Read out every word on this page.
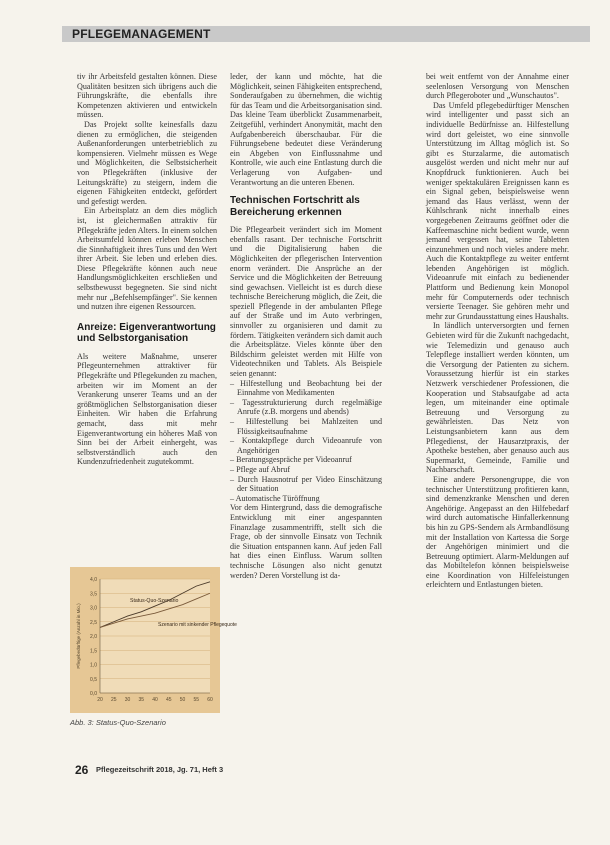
PFLEGEMANAGEMENT

tiv ihr Arbeitsfeld gestalten können. Diese Qualitäten besitzen sich übrigens auch die Führungskräfte, die ebenfalls ihre Kompetenzen aktivieren und entwickeln müssen.

Das Projekt sollte keinesfalls dazu dienen zu ermöglichen, die steigenden Außenanforderungen unterbetrieblich zu kompensieren. Vielmehr müssen es Wege und Möglichkeiten, die Selbstsicherheit von Pflegekräften (inklusive der Leitungskräfte) zu steigern, indem die eigenen Fähigkeiten entdeckt, gefördert und gefestigt werden.

Ein Arbeitsplatz an dem dies möglich ist, ist gleichermaßen attraktiv für Pflegekräfte jeden Alters. In einem solchen Arbeitsumfeld können erleben Menschen die Sinnhaftigkeit ihres Tuns und den Wert ihrer Arbeit. Sie leben und erleben dies. Diese Pflegekräfte können auch neue Handlungsmöglichkeiten erschließen und selbstbewusst begegneten. Sie sind nicht mehr nur „Befehlsempfänger". Sie kennen und nutzen ihre eigenen Ressourcen.

Anreize: Eigenverantwortung und Selbstorganisation

Als weitere Maßnahme, unserer Pflegeunternehmen attraktiver für Pflegekräfte und Pflegekunden zu machen, arbeiten wir im Moment an der Verankerung unserer Teams und an der größtmöglichen Selbstorganisation dieser Einheiten. Wir haben die Erfahrung gemacht, dass mit mehr Eigenverantwortung ein höheres Maß von Sinn bei der Arbeit einhergeht, was selbstverständlich auch den Kundenzufriedenheit zugutekommt.

leder, der kann und möchte, hat die Möglichkeit, seinen Fähigkeiten entsprechend, Sonderaufgaben zu übernehmen, die wichtig für das Team und die Arbeitsorganisation sind. Das kleine Team überblickt Zusammenarbeit, Zeitgefühl, verhindert Anonymität, macht den Aufgabenbereich überschaubar. Für die Führungsebene bedeutet diese Veränderung ein Abgeben von Einflussnahme und Kontrolle, wie auch eine Entlastung durch die Verlagerung von Aufgaben- und Verantwortung an die unteren Ebenen.

Technischen Fortschritt als Bereicherung erkennen

Die Pflegearbeit verändert sich im Moment ebenfalls rasant. Der technische Fortschritt und die Digitalisierung haben die Möglichkeiten der pflegerischen Intervention enorm verändert. Die Ansprüche an der Service und die Möglichkeiten der Betreuung sind gewachsen. Vielleicht ist es durch diese technische Bereicherung möglich, die Zeit, die speziell Pflegende in der ambulanten Pflege auf der Straße und im Auto verbringen, sinnvoller zu organisieren und damit zu fördern. Tätigkeiten verändern sich damit auch die Arbeitsplätze. Vieles könnte über den Bildschirm geleistet werden mit Hilfe von Videotechniken und Tablets. Als Beispiele seien genannt:

– Hilfestellung und Beobachtung bei der Einnahme von Medikamenten
– Tagesstrukturierung durch regelmäßige Anrufe (z.B. morgens und abends)
– Hilfestellung bei Mahlzeiten und Flüssigkeitsaufnahme
– Kontaktpflege durch Videoanrufe von Angehörigen
– Beratungsgespräche per Videoanruf
– Pflege auf Abruf
– Durch Hausnotruf per Video Einschätzung der Situation
– Automatische Türöffnung

Vor dem Hintergrund, dass die demografische Entwicklung mit einer angespannten Finanzlage zusammentrifft, stellt sich die Frage, ob der sinnvolle Einsatz von Technik die Situation entspannen kann. Auf jeden Fall hat dies einen Einfluss. Warum sollten technische Lösungen also nicht genutzt werden? Deren Vorstellung ist da-

bei weit entfernt von der Annahme einer seelenlosen Versorgung von Menschen durch Pflegeroboter und „Wunschautos".

Das Umfeld pflegebedürftiger Menschen wird intelligenter und passt sich an individuelle Bedürfnisse an. Hilfestellung wird dort geleistet, wo eine sinnvolle Unterstützung im Alltag möglich ist. So gibt es Sturzalarme, die automatisch ausgelöst werden und nicht mehr nur auf Knopfdruck funktionieren. Auch bei weniger spektakulären Ereignissen kann es ein Signal geben, beispielsweise wenn jemand das Haus verlässt, wenn der Kühlschrank nicht innerhalb eines vorgegebenen Zeitraums geöffnet oder die Kaffeemaschine nicht bedient wurde, wenn jemand vergessen hat, seine Tabletten einzunehmen und noch vieles andere mehr. Auch die Kontaktpflege zu weiter entfernt lebenden Angehörigen ist möglich. Videoanrufe mit einfach zu bedienender Plattform und Bedienung kein Monopol mehr für Computernerds oder technisch versierte Teenager. Sie gehören mehr und mehr zur Grundausstattung eines Haushalts.

In ländlich unterversorgten und fernen Gebieten wird für die Zukunft nachgedacht, wie Telemedizin und genauso auch Telepflege installiert werden könnten, um die Versorgung der Patienten zu sichern. Voraussetzung hierfür ist ein starkes Netzwerk verschiedener Professionen, die Kooperation und Stabsaufgabe ad acta legen, um miteinander eine optimale Betreuung und Versorgung zu gewährleisten. Das Netz von Leistungsanbietern kann aus dem Pflegedienst, der Hausarztpraxis, der Apotheke bestehen, aber genauso auch aus Supermarkt, Gemeinde, Familie und Nachbarschaft.

Eine andere Personengruppe, die von technischer Unterstützung profitieren kann, sind demenzkranke Menschen und deren Angehörige. Angepasst an den Hilfebedarf wird durch automatische Hinfallerkennung bis hin zu GPS-Sendern als Armbandlösung mit der Installation von Kartessa die Sorge der Angehörigen minimiert und die Betreuung optimiert. Alarm-Meldungen auf das Mobiltelefon können beispielsweise eine Koordination von Hilfeleistungen erleichtern und Entlastungen bieten.

0,0
0,5
1,0
1,5
2,0
2,5
3,0
3,5
4,0
20 25 30 35 40 45 50 55 60
Pflegebedürftige (Anzahl in Mio.)
Status-Quo-Szenario
Szenario mit sinkender Pflegequote
Abb. 3: Status-Quo-Szenario
26 Pflegezeitschrift 2018, Jg. 71, Heft 3
